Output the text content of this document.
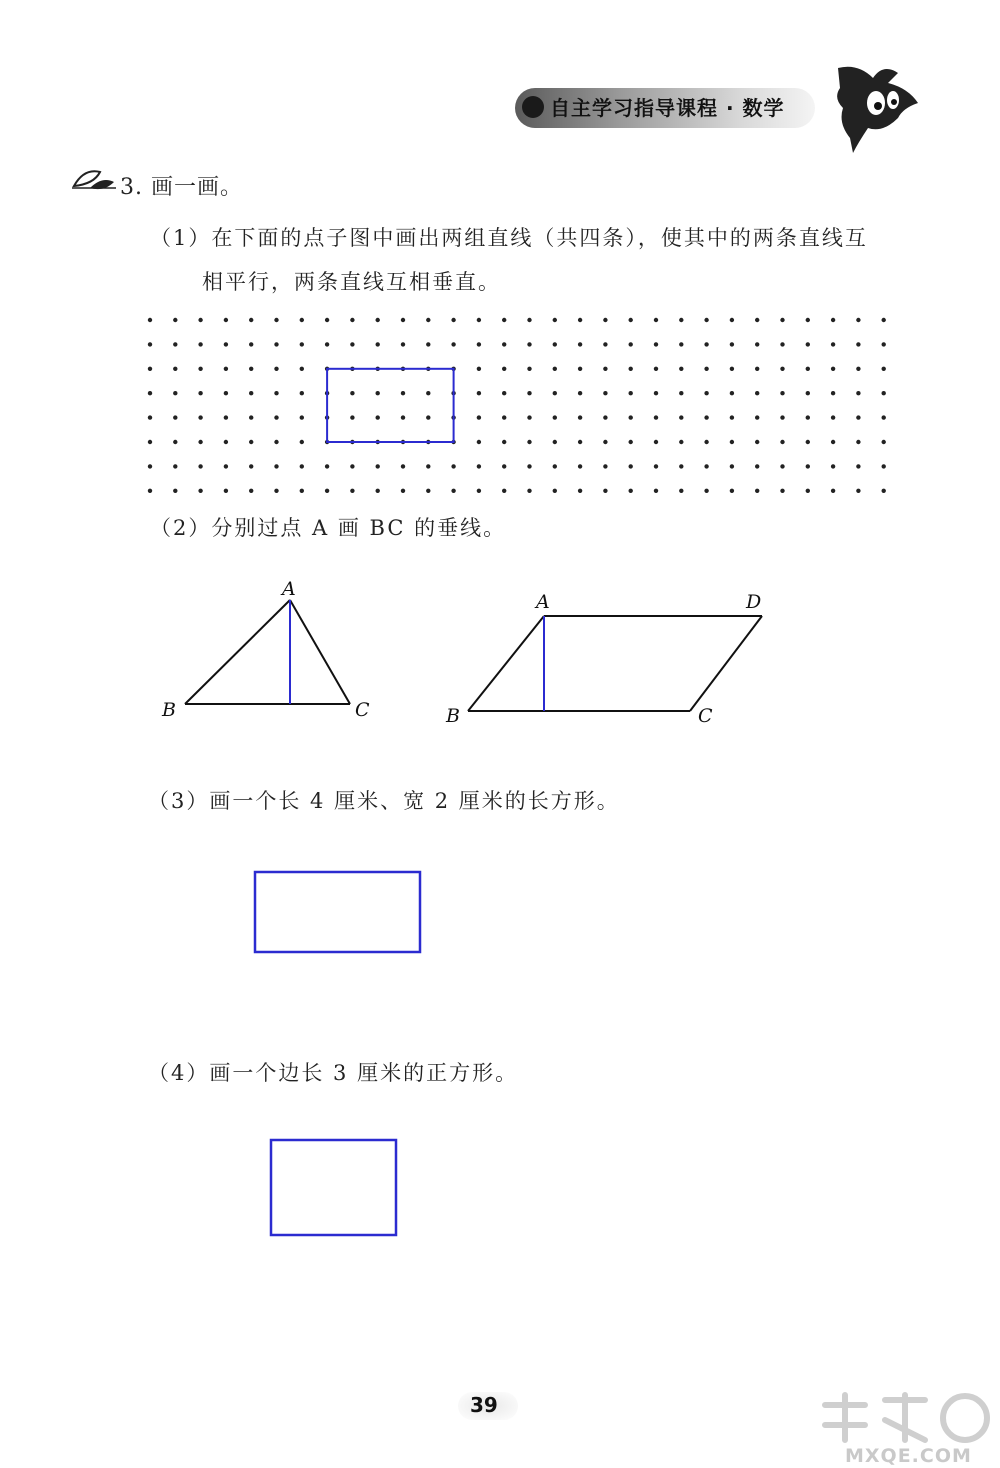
自主学习指导课程 · 数学
3. 画一画。
（1）在下面的点子图中画出两组直线（共四条），使其中的两条直线互
相平行，两条直线互相垂直。
（2）分别过点 A 画 BC 的垂线。
A
B	C
A	D
B	C
（3）画一个长 4 厘米、宽 2 厘米的长方形。
（4）画一个边长 3 厘米的正方形。
39
MXQE.COM
